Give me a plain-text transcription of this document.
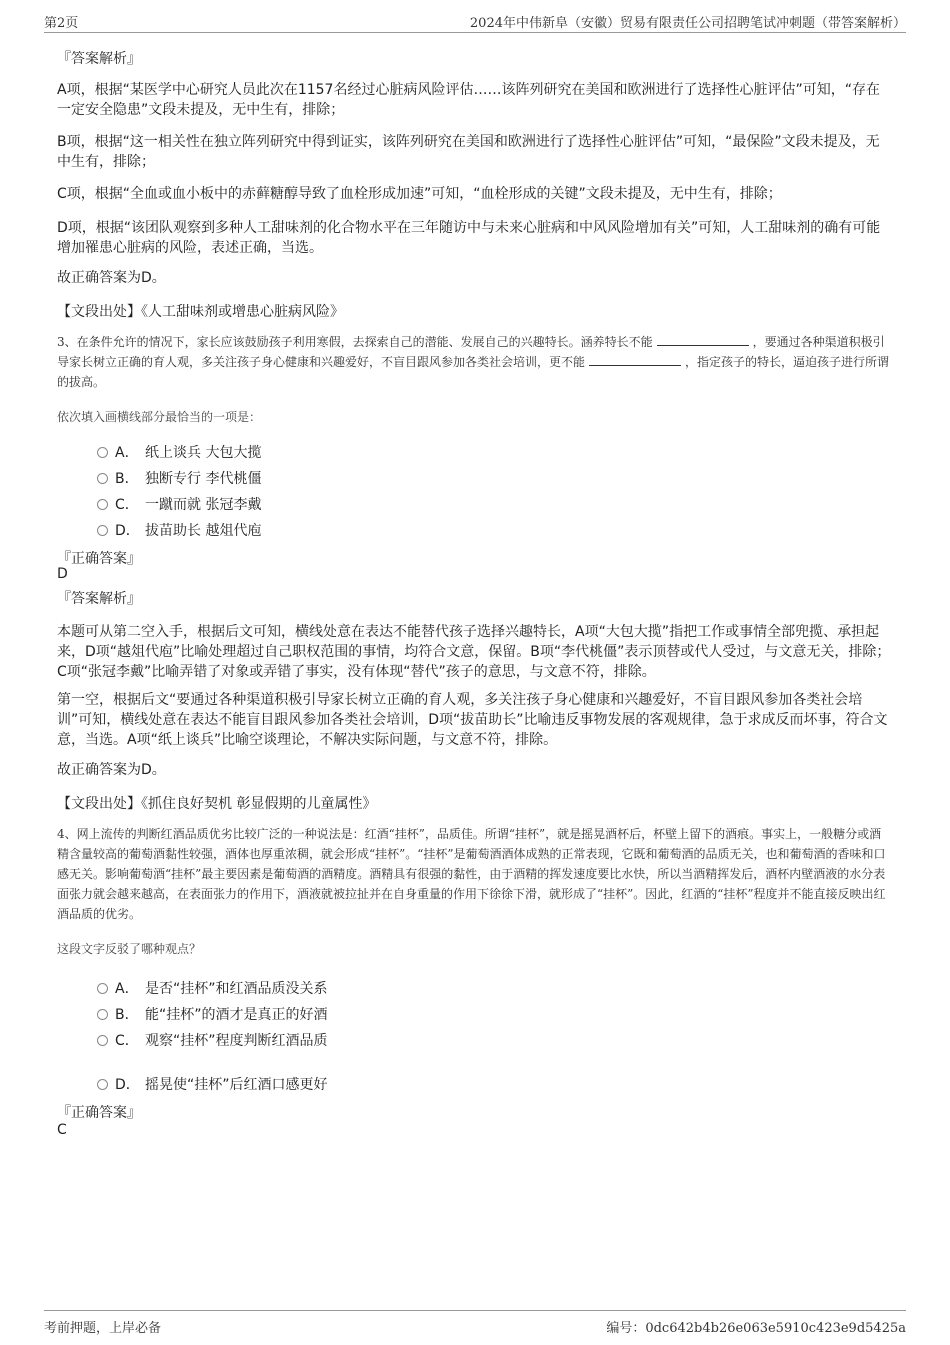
第2页	2024年中伟新阜（安徽）贸易有限责任公司招聘笔试冲刺题（带答案解析）
『答案解析』
A项，根据“某医学中心研究人员此次在1157名经过心脏病风险评估……该阵列研究在美国和欧洲进行了选择性心脏评估”可知，“存在一定安全隐患”文段未提及，无中生有，排除；
B项，根据“这一相关性在独立阵列研究中得到证实，该阵列研究在美国和欧洲进行了选择性心脏评估”可知，“最保险”文段未提及，无中生有，排除；
C项，根据“全血或血小板中的赤藓糖醇导致了血栓形成加速”可知，“血栓形成的关键”文段未提及，无中生有，排除；
D项，根据“该团队观察到多种人工甜味剂的化合物水平在三年随访中与未来心脏病和中风风险增加有关”可知，人工甜味剂的确有可能增加罹患心脏病的风险，表述正确，当选。
故正确答案为D。
【文段出处】《人工甜味剂或增患心脏病风险》
3、在条件允许的情况下，家长应该鼓励孩子利用寒假，去探索自己的潜能、发展自己的兴趣特长。涵养特长不能	，要通过各种渠道积极引导家长树立正确的育人观，多关注孩子身心健康和兴趣爱好，不盲目跟风参加各类社会培训，更不能	，指定孩子的特长，逼迫孩子进行所谓的拔高。
依次填入画横线部分最恰当的一项是：
A． 纸上谈兵 大包大揽
B． 独断专行 李代桃僵
C． 一蹴而就 张冠李戴
D． 拔苗助长 越俎代庖
『正确答案』
D
『答案解析』
本题可从第二空入手，根据后文可知，横线处意在表达不能替代孩子选择兴趣特长，A项“大包大揽”指把工作或事情全部兜揽、承担起来，D项“越俎代庖”比喻处理超过自己职权范围的事情，均符合文意，保留。B项“李代桃僵”表示顶替或代人受过，与文意无关，排除；C项“张冠李戴”比喻弄错了对象或弄错了事实，没有体现“替代”孩子的意思，与文意不符，排除。
第一空，根据后文“要通过各种渠道积极引导家长树立正确的育人观，多关注孩子身心健康和兴趣爱好，不盲目跟风参加各类社会培训”可知，横线处意在表达不能盲目跟风参加各类社会培训，D项“拔苗助长”比喻违反事物发展的客观规律，急于求成反而坏事，符合文意，当选。A项“纸上谈兵”比喻空谈理论，不解决实际问题，与文意不符，排除。
故正确答案为D。
【文段出处】《抓住良好契机 彰显假期的儿童属性》
4、网上流传的判断红酒品质优劣比较广泛的一种说法是：红酒“挂杯”，品质佳。所谓“挂杯”，就是摇晃酒杯后，杯壁上留下的酒痕。事实上，一般糖分或酒精含量较高的葡萄酒黏性较强，酒体也厚重浓稠，就会形成“挂杯”。“挂杯”是葡萄酒酒体成熟的正常表现，它既和葡萄酒的品质无关，也和葡萄酒的香味和口感无关。影响葡萄酒“挂杯”最主要因素是葡萄酒的酒精度。酒精具有很强的黏性，由于酒精的挥发速度要比水快，所以当酒精挥发后，酒杯内壁酒液的水分表面张力就会越来越高，在表面张力的作用下，酒液就被拉扯并在自身重量的作用下徐徐下滑，就形成了“挂杯”。因此，红酒的“挂杯”程度并不能直接反映出红酒品质的优劣。
这段文字反驳了哪种观点？
A． 是否“挂杯”和红酒品质没关系
B． 能“挂杯”的酒才是真正的好酒
C． 观察“挂杯”程度判断红酒品质
D． 摇晃使“挂杯”后红酒口感更好
『正确答案』
C
考前押题，上岸必备	编号：0dc642b4b26e063e5910c423e9d5425a
